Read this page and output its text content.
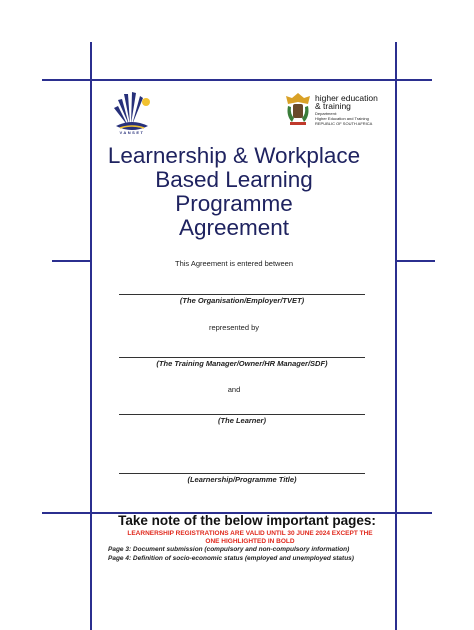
VANSET
higher education
& training
Department:
Higher Education and Training
REPUBLIC OF SOUTH AFRICA
Learnership & Workplace
Based Learning
Programme
Agreement
This Agreement is entered between
(The Organisation/Employer/TVET)
represented by
(The Training Manager/Owner/HR Manager/SDF)
and
(The Learner)
(Learnership/Programme Title)
Take note of the below important pages:
LEARNERSHIP REGISTRATIONS ARE VALID UNTIL 30 JUNE 2024 EXCEPT THE
ONE HIGHLIGHTED IN BOLD
Page 3: Document submission (compulsory and non-compulsory information)
Page 4: Definition of socio-economic status (employed and unemployed status)
